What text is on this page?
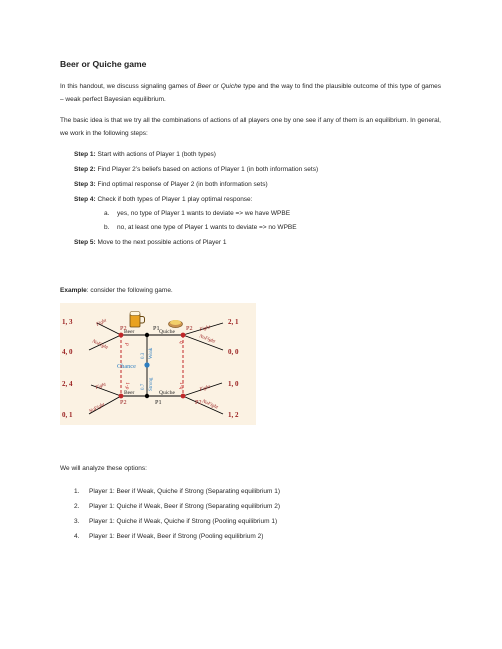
Beer or Quiche game
In this handout, we discuss signaling games of Beer or Quiche type and the way to find the plausible outcome of this type of games – weak perfect Bayesian equilibrium.
The basic idea is that we try all the combinations of actions of all players one by one see if any of them is an equilibrium. In general, we work in the following steps:
Step 1: Start with actions of Player 1 (both types)
Step 2: Find Player 2’s beliefs based on actions of Player 1 (in both information sets)
Step 3: Find optimal response of Player 2 (in both information sets)
Step 4: Check if both types of Player 1 play optimal response:
a. yes, no type of Player 1 wants to deviate => we have WPBE
b. no, at least one type of Player 1 wants to deviate => no WPBE
Step 5: Move to the next possible actions of Player 1
Example: consider the following game.
1, 3
4, 0
2, 1
0, 0
2, 4
0, 1
1, 0
1, 2
Fight
NoFight
Fight
NoFight
Fight
NoFight
Fight
NoFight
Beer	Quiche
Beer	Quiche
P2	P2
P2	P2
P1
P1
Chance
0.3 Weak
0.7 Strong
p
1-p
q
1-q
We will analyze these options:
1. Player 1: Beer if Weak, Quiche if Strong (Separating equilibrium 1)
2. Player 1: Quiche if Weak, Beer if Strong (Separating equilibrium 2)
3. Player 1: Quiche if Weak, Quiche if Strong (Pooling equilibrium 1)
4. Player 1: Beer if Weak, Beer if Strong (Pooling equilibrium 2)
